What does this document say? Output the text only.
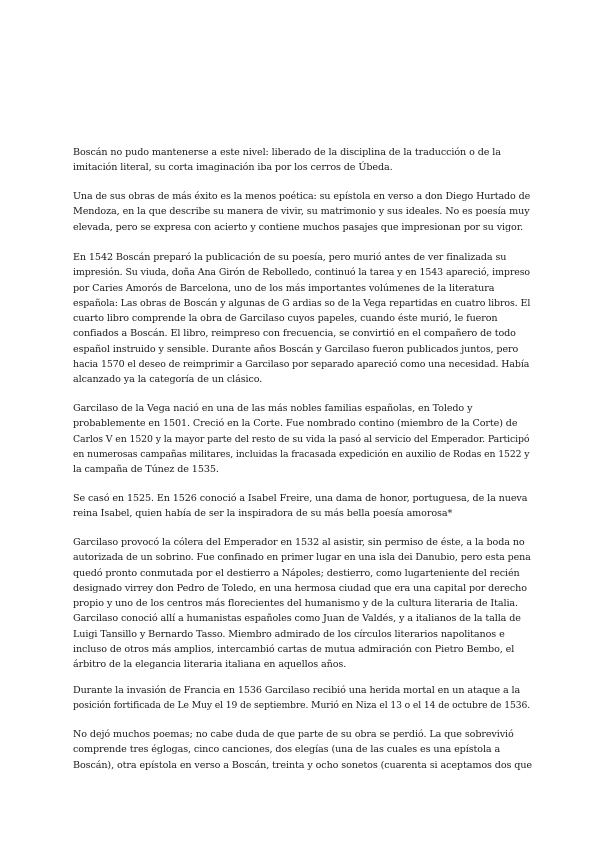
Boscán no pudo mantenerse a este nivel: liberado de la disciplina de la traducción o de la
imitación literal, su corta imaginación iba por los cerros de Úbeda.
Una de sus obras de más éxito es la menos poética: su epístola en verso a don Diego Hurtado de
Mendoza, en la que describe su manera de vivir, su matrimonio y sus ideales. No es poesía muy
elevada, pero se expresa con acierto y contiene muchos pasajes que impresionan por su vigor.
En 1542 Boscán preparó la publicación de su poesía, pero murió antes de ver finalizada su
impresión. Su viuda, doña Ana Girón de Rebolledo, continuó la tarea y en 1543 apareció, impreso
por Caries Amorós de Barcelona, uno de los más importantes volúmenes de la literatura
española: Las obras de Boscán y algunas de G ardias so de la Vega repartidas en cuatro libros. El
cuarto libro comprende la obra de Garcilaso cuyos papeles, cuando éste murió, le fueron
confiados a Boscán. El libro, reimpreso con frecuencia, se convirtió en el compañero de todo
español instruido y sensible. Durante años Boscán y Garcilaso fueron publicados juntos, pero
hacia 1570 el deseo de reimprimir a Garcilaso por separado apareció como una necesidad. Había
alcanzado ya la categoría de un clásico.
Garcilaso de la Vega nació en una de las más nobles familias españolas, en Toledo y
probablemente en 1501. Creció en la Corte. Fue nombrado contino (miembro de la Corte) de
Carlos V en 1520 y la mayor parte del resto de su vida la pasó al servicio del Emperador. Participó
en numerosas campañas militares, incluidas la fracasada expedición en auxilio de Rodas en 1522 y
la campaña de Túnez de 1535.
Se casó en 1525. En 1526 conoció a Isabel Freire, una dama de honor, portuguesa, de la nueva
reina Isabel, quien había de ser la inspiradora de su más bella poesía amorosa*
Garcilaso provocó la cólera del Emperador en 1532 al asistir, sin permiso de éste, a la boda no
autorizada de un sobrino. Fue confinado en primer lugar en una isla dei Danubio, pero esta pena
quedó pronto conmutada por el destierro a Nápoles; destierro, como lugarteniente del recién
designado virrey don Pedro de Toledo, en una hermosa ciudad que era una capital por derecho
propio y uno de los centros más florecientes del humanismo y de la cultura literaria de Italia.
Garcilaso conoció allí a humanistas españoles como Juan de Valdés, y a italianos de la talla de
Luigi Tansillo y Bernardo Tasso. Miembro admirado de los círculos literarios napolitanos e
incluso de otros más amplios, intercambió cartas de mutua admiración con Pietro Bembo, el
árbitro de la elegancia literaria italiana en aquellos años.
Durante la invasión de Francia en 1536 Garcilaso recibió una herida mortal en un ataque a la
posición fortificada de Le Muy el 19 de septiembre. Murió en Niza el 13 o el 14 de octubre de 1536.
No dejó muchos poemas; no cabe duda de que parte de su obra se perdió. La que sobrevivió
comprende tres églogas, cinco canciones, dos elegías (una de las cuales es una epístola a
Boscán), otra epístola en verso a Boscán, treinta y ocho sonetos (cuarenta si aceptamos dos que
